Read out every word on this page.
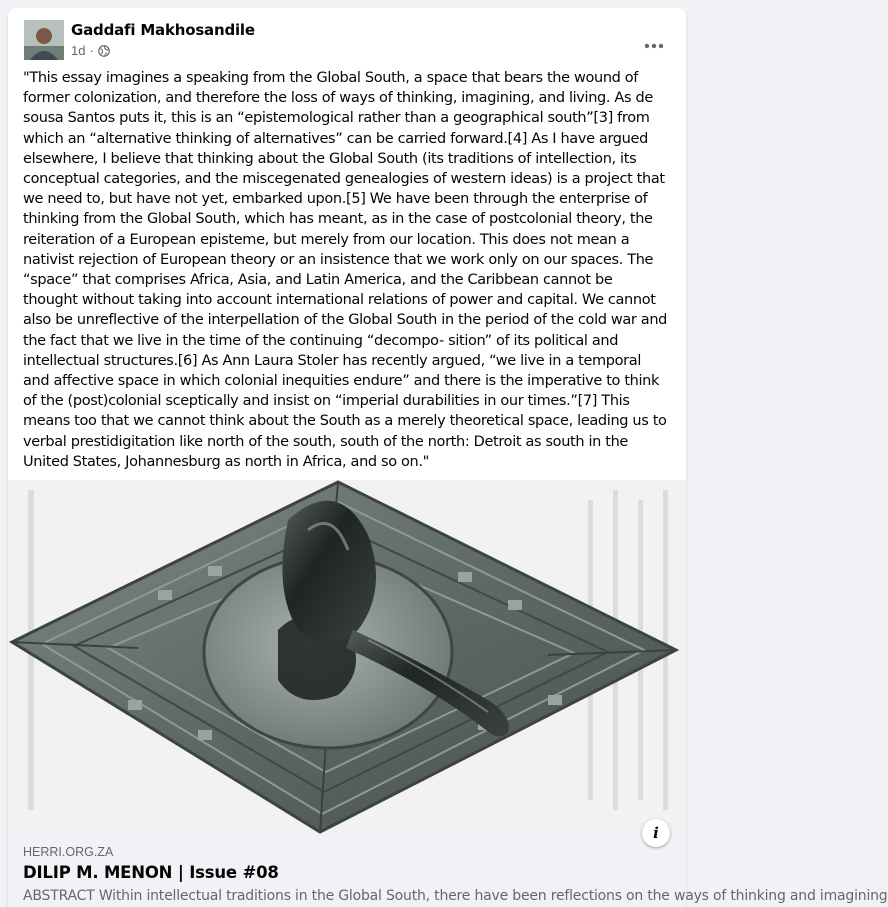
Gaddafi Makhosandile
1d ·
"This essay imagines a speaking from the Global South, a space that bears the wound of former colonization, and therefore the loss of ways of thinking, imagining, and living. As de sousa Santos puts it, this is an “epistemological rather than a geographical south”[3] from which an “alternative thinking of alternatives” can be carried forward.[4] As I have argued elsewhere, I believe that thinking about the Global South (its traditions of intellection, its conceptual categories, and the miscegenated genealogies of western ideas) is a project that we need to, but have not yet, embarked upon.[5] We have been through the enterprise of thinking from the Global South, which has meant, as in the case of postcolonial theory, the reiteration of a European episteme, but merely from our location. This does not mean a nativist rejection of European theory or an insistence that we work only on our spaces. The “space” that comprises Africa, Asia, and Latin America, and the Caribbean cannot be thought without taking into account international relations of power and capital. We cannot also be unreflective of the interpellation of the Global South in the period of the cold war and the fact that we live in the time of the continuing “decompo- sition” of its political and intellectual structures.[6] As Ann Laura Stoler has recently argued, “we live in a temporal and affective space in which colonial inequities endure” and there is the imperative to think of the (post)colonial sceptically and insist on “imperial durabilities in our times.”[7] This means too that we cannot think about the South as a merely theoretical space, leading us to verbal prestidigitation like north of the south, south of the north: Detroit as south in the United States, Johannesburg as north in Africa, and so on."
HERRI.ORG.ZA
DILIP M. MENON | Issue #08
ABSTRACT Within intellectual traditions in the Global South, there have been reflections on the ways of thinking and imagining
i
